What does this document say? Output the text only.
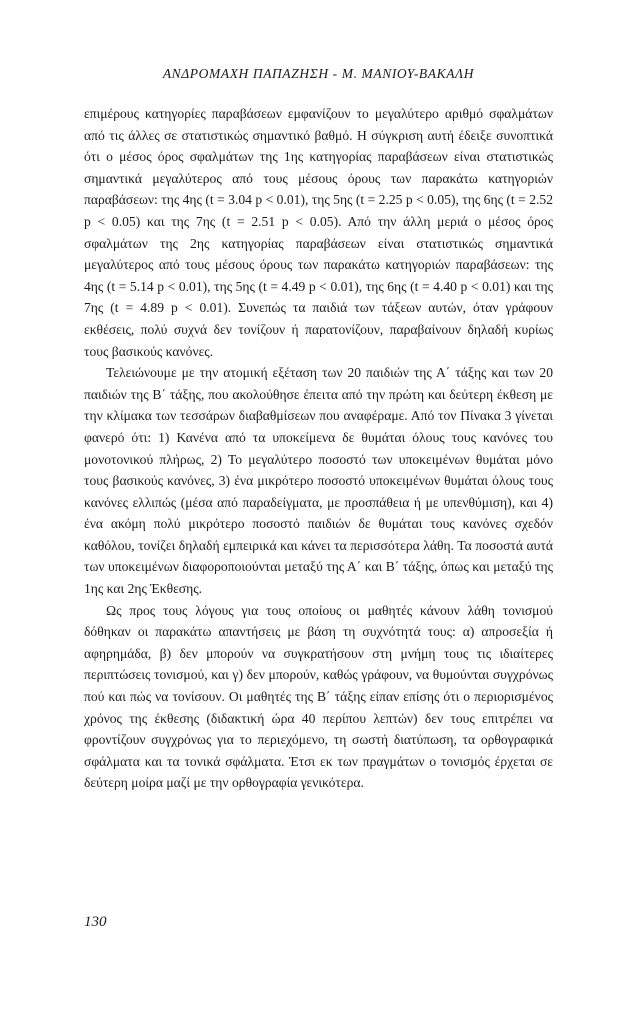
ΑΝΔΡΟΜΑΧΗ ΠΑΠΑΖΗΣΗ - Μ. ΜΑΝΙΟΥ-ΒΑΚΑΛΗ

επιμέρους κατηγορίες παραβάσεων εμφανίζουν το μεγαλύτερο αριθμό σφαλμάτων από τις άλλες σε στατιστικώς σημαντικό βαθμό. Η σύγκριση αυτή έδειξε συνοπτικά ότι ο μέσος όρος σφαλμάτων της 1ης κατηγορίας παραβάσεων είναι στατιστικώς σημαντικά μεγαλύτερος από τους μέσους όρους των παρακάτω κατηγοριών παραβάσεων: της 4ης (t = 3.04 p < 0.01), της 5ης (t = 2.25 p < 0.05), της 6ης (t = 2.52 p < 0.05) και της 7ης (t = 2.51 p < 0.05). Από την άλλη μεριά ο μέσος όρος σφαλμάτων της 2ης κατηγορίας παραβάσεων είναι στατιστικώς σημαντικά μεγαλύτερος από τους μέσους όρους των παρακάτω κατηγοριών παραβάσεων: της 4ης (t = 5.14 p < 0.01), της 5ης (t = 4.49 p < 0.01), της 6ης (t = 4.40 p < 0.01) και της 7ης (t = 4.89 p < 0.01). Συνεπώς τα παιδιά των τάξεων αυτών, όταν γράφουν εκθέσεις, πολύ συχνά δεν τονίζουν ή παρατονίζουν, παραβαίνουν δηλαδή κυρίως τους βασικούς κανόνες.

Τελειώνουμε με την ατομική εξέταση των 20 παιδιών της Α΄ τάξης και των 20 παιδιών της Β΄ τάξης, που ακολούθησε έπειτα από την πρώτη και δεύτερη έκθεση με την κλίμακα των τεσσάρων διαβαθμίσεων που αναφέραμε. Από τον Πίνακα 3 γίνεται φανερό ότι: 1) Κανένα από τα υποκείμενα δε θυμάται όλους τους κανόνες του μονοτονικού πλήρως, 2) Το μεγαλύτερο ποσοστό των υποκειμένων θυμάται μόνο τους βασικούς κανόνες, 3) ένα μικρότερο ποσοστό υποκειμένων θυμάται όλους τους κανόνες ελλιπώς (μέσα από παραδείγματα, με προσπάθεια ή με υπενθύμιση), και 4) ένα ακόμη πολύ μικρότερο ποσοστό παιδιών δε θυμάται τους κανόνες σχεδόν καθόλου, τονίζει δηλαδή εμπειρικά και κάνει τα περισσότερα λάθη. Τα ποσοστά αυτά των υποκειμένων διαφοροποιούνται μεταξύ της Α΄ και Β΄ τάξης, όπως και μεταξύ της 1ης και 2ης Έκθεσης.

Ως προς τους λόγους για τους οποίους οι μαθητές κάνουν λάθη τονισμού δόθηκαν οι παρακάτω απαντήσεις με βάση τη συχνότητά τους: α) απροσεξία ή αφηρημάδα, β) δεν μπορούν να συγκρατήσουν στη μνήμη τους τις ιδιαίτερες περιπτώσεις τονισμού, και γ) δεν μπορούν, καθώς γράφουν, να θυμούνται συγχρόνως πού και πώς να τονίσουν. Οι μαθητές της Β΄ τάξης είπαν επίσης ότι ο περιορισμένος χρόνος της έκθεσης (διδακτική ώρα 40 περίπου λεπτών) δεν τους επιτρέπει να φροντίζουν συγχρόνως για το περιεχόμενο, τη σωστή διατύπωση, τα ορθογραφικά σφάλματα και τα τονικά σφάλματα. Έτσι εκ των πραγμάτων ο τονισμός έρχεται σε δεύτερη μοίρα μαζί με την ορθογραφία γενικότερα.

130
